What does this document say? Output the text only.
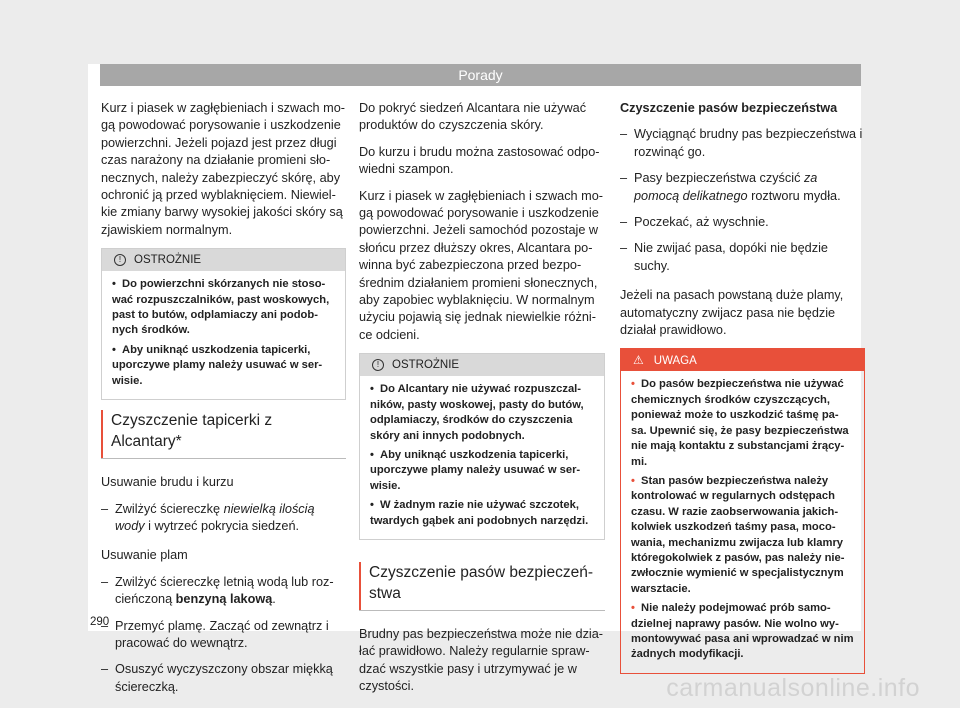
Porady

Kurz i piasek w zagłębieniach i szwach mo- gą powodować porysowanie i uszkodzenie powierzchni. Jeżeli pojazd jest przez długi czas narażony na działanie promieni sło- necznych, należy zabezpieczyć skórę, aby ochronić ją przed wyblaknięciem. Niewiel- kie zmiany barwy wysokiej jakości skóry są zjawiskiem normalnym.

! OSTROŻNIE

• Do powierzchni skórzanych nie stoso- wać rozpuszczalników, past woskowych, past to butów, odplamiaczy ani podob- nych środków.

• Aby uniknąć uszkodzenia tapicerki, uporczywe plamy należy usuwać w ser- wisie.

Czyszczenie tapicerki z Alcantary*

Usuwanie brudu i kurzu

– Zwilżyć ściereczkę niewielką ilością wody i wytrzeć pokrycia siedzeń.

Usuwanie plam

– Zwilżyć ściereczkę letnią wodą lub roz- cieńczoną benzyną lakową.

– Przemyć plamę. Zacząć od zewnątrz i pracować do wewnątrz.

– Osuszyć wyczyszczony obszar miękką ściereczką.

Do pokryć siedzeń Alcantara nie używać produktów do czyszczenia skóry.

Do kurzu i brudu można zastosować odpo- wiedni szampon.

Kurz i piasek w zagłębieniach i szwach mo- gą powodować porysowanie i uszkodzenie powierzchni. Jeżeli samochód pozostaje w słońcu przez dłuższy okres, Alcantara po- winna być zabezpieczona przed bezpo- średnim działaniem promieni słonecznych, aby zapobiec wyblaknięciu. W normalnym użyciu pojawią się jednak niewielkie różni- ce odcieni.

! OSTROŻNIE

• Do Alcantary nie używać rozpuszczal- ników, pasty woskowej, pasty do butów, odplamiaczy, środków do czyszczenia skóry ani innych podobnych.

• Aby uniknąć uszkodzenia tapicerki, uporczywe plamy należy usuwać w ser- wisie.

• W żadnym razie nie używać szczotek, twardych gąbek ani podobnych narzędzi.

Czyszczenie pasów bezpieczeń- stwa

Brudny pas bezpieczeństwa może nie dzia- łać prawidłowo. Należy regularnie spraw- dzać wszystkie pasy i utrzymywać je w czystości.

Czyszczenie pasów bezpieczeństwa

– Wyciągnąć brudny pas bezpieczeństwa i rozwinąć go.

– Pasy bezpieczeństwa czyścić za pomocą delikatnego roztworu mydła.

– Poczekać, aż wyschnie.

– Nie zwijać pasa, dopóki nie będzie suchy.

Jeżeli na pasach powstaną duże plamy, automatyczny zwijacz pasa nie będzie działał prawidłowo.

⚠ UWAGA

• Do pasów bezpieczeństwa nie używać chemicznych środków czyszczących, ponieważ może to uszkodzić taśmę pa- sa. Upewnić się, że pasy bezpieczeństwa nie mają kontaktu z substancjami żrący- mi.

• Stan pasów bezpieczeństwa należy kontrolować w regularnych odstępach czasu. W razie zaobserwowania jakich- kolwiek uszkodzeń taśmy pasa, moco- wania, mechanizmu zwijacza lub klamry któregokolwiek z pasów, pas należy nie- zwłocznie wymienić w specjalistycznym warsztacie.

• Nie należy podejmować prób samo- dzielnej naprawy pasów. Nie wolno wy- montowywać pasa ani wprowadzać w nim żadnych modyfikacji.

290
carmanualsonline.info
